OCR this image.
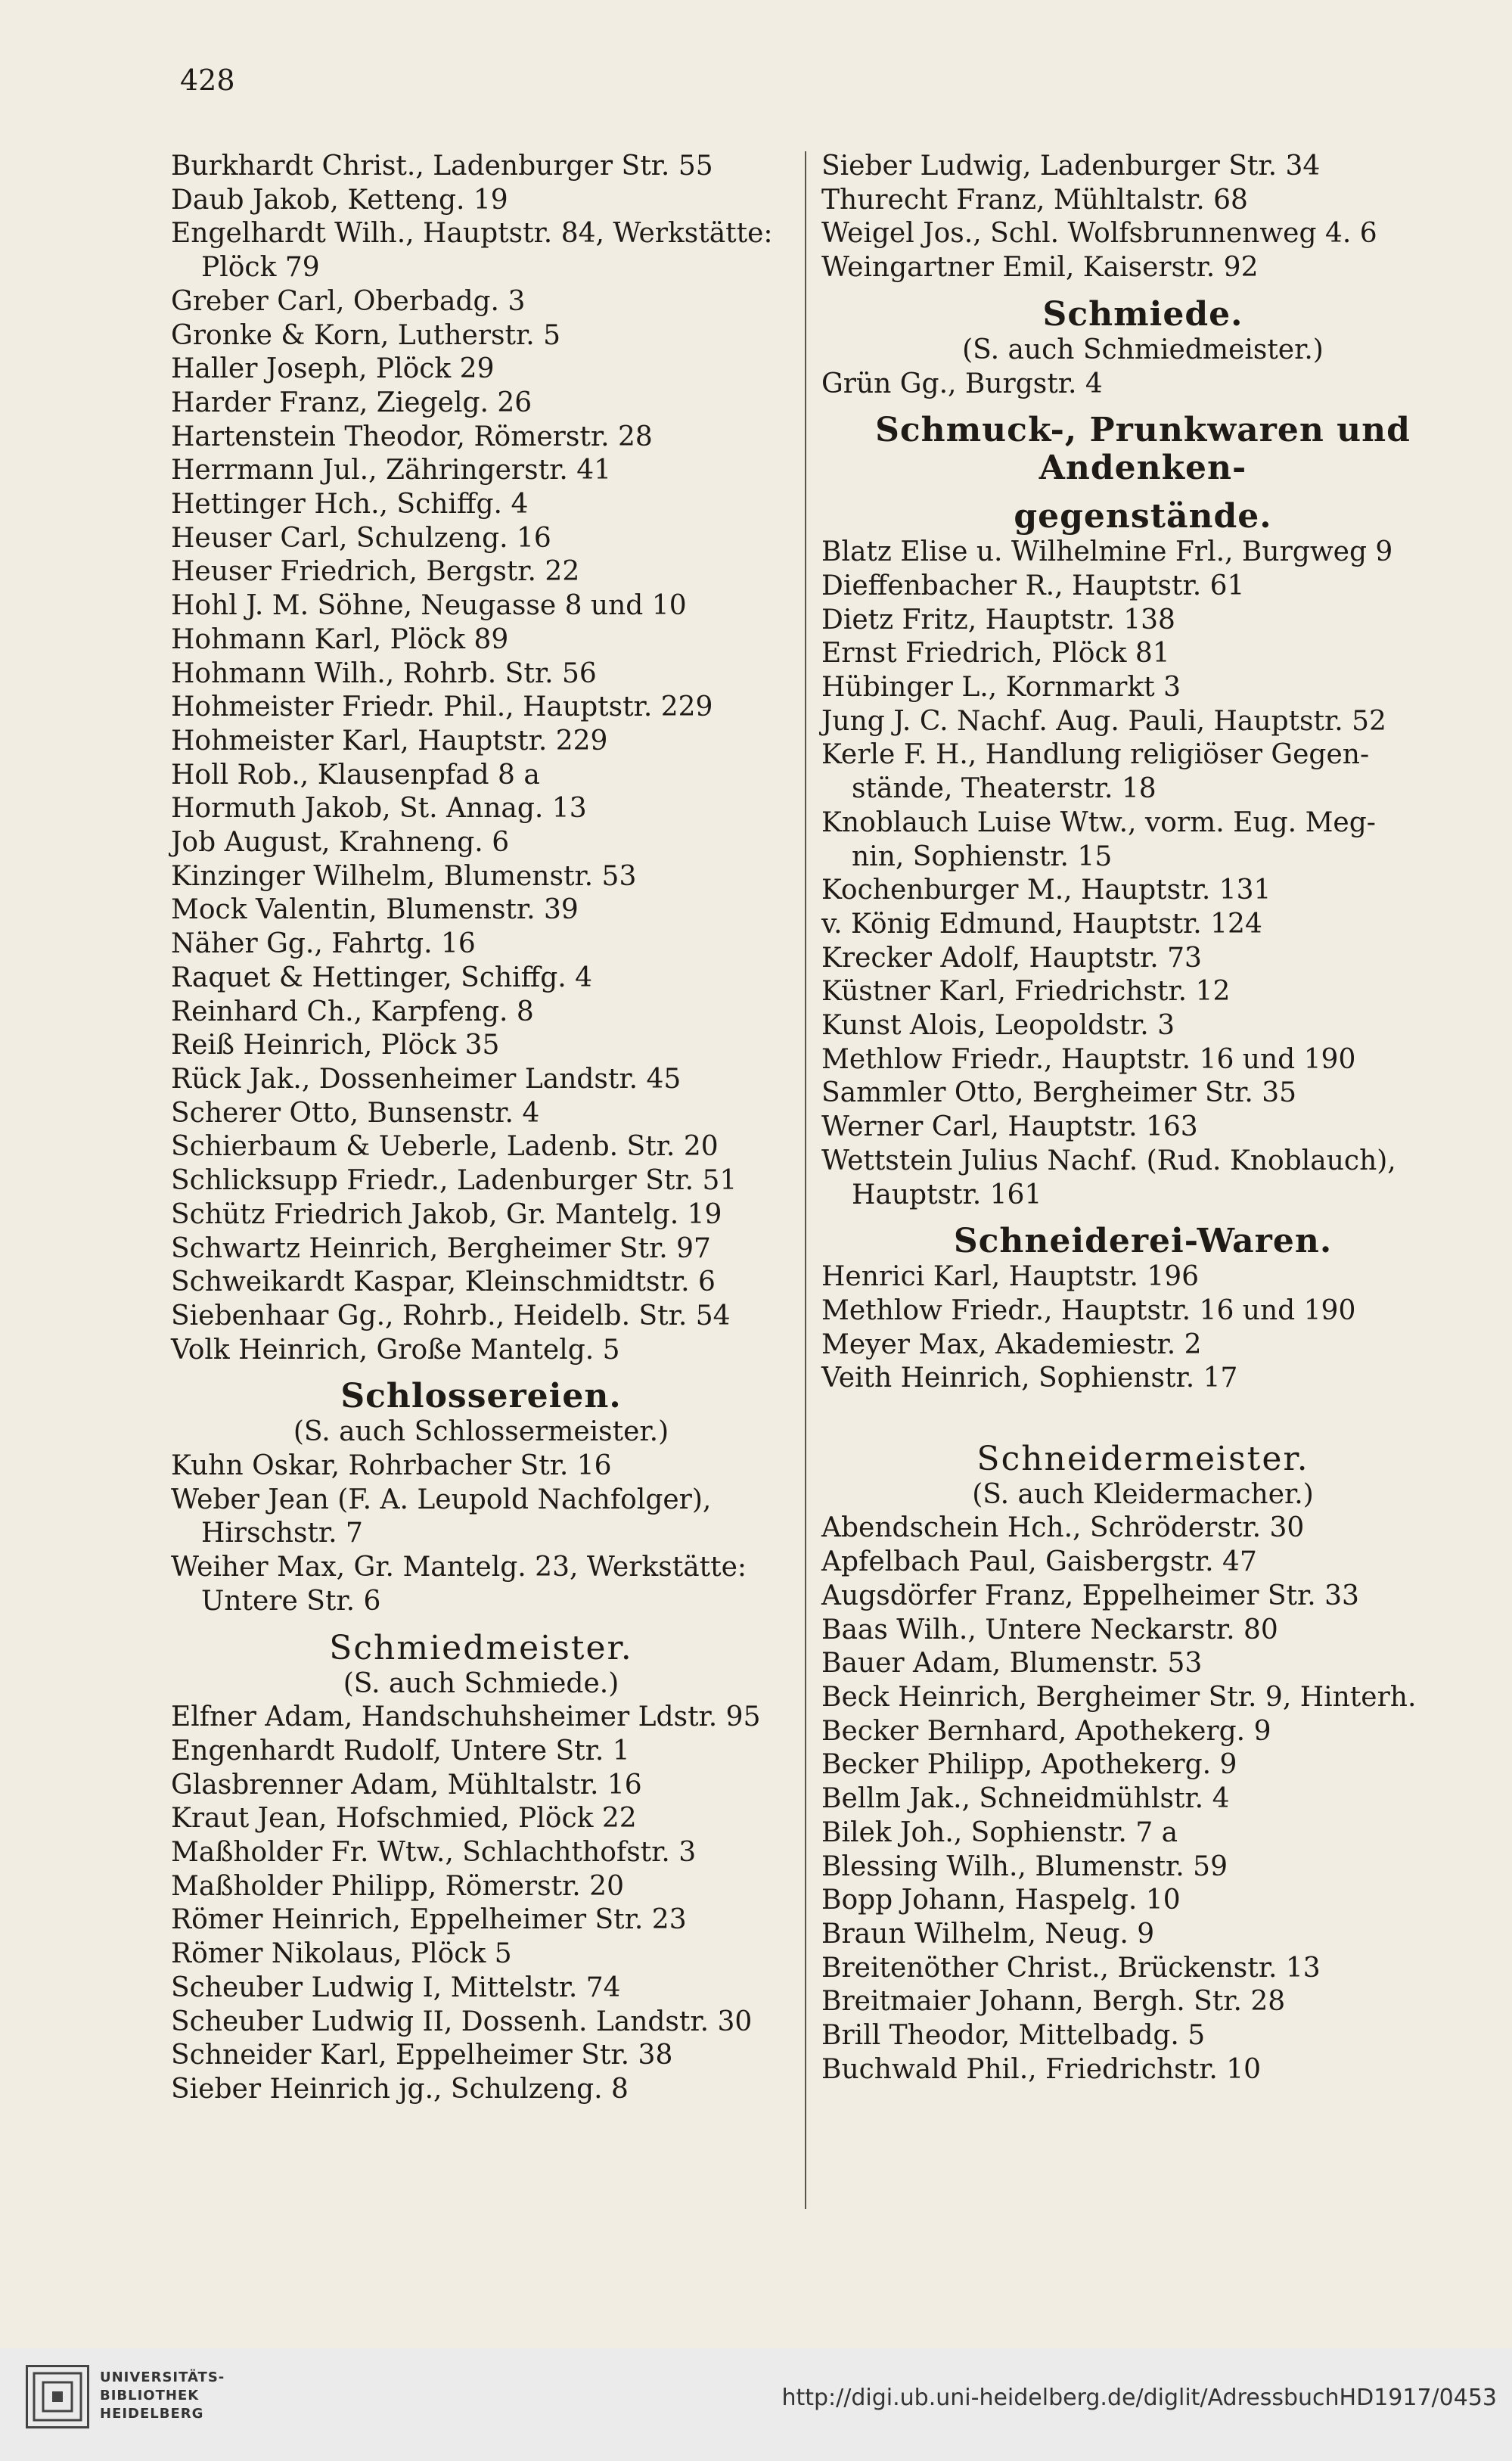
428
Burkhardt Christ., Ladenburger Str. 55
Daub Jakob, Ketteng. 19
Engelhardt Wilh., Hauptstr. 84, Werkstätte:
Plöck 79
Greber Carl, Oberbadg. 3
Gronke & Korn, Lutherstr. 5
Haller Joseph, Plöck 29
Harder Franz, Ziegelg. 26
Hartenstein Theodor, Römerstr. 28
Herrmann Jul., Zähringerstr. 41
Hettinger Hch., Schiffg. 4
Heuser Carl, Schulzeng. 16
Heuser Friedrich, Bergstr. 22
Hohl J. M. Söhne, Neugasse 8 und 10
Hohmann Karl, Plöck 89
Hohmann Wilh., Rohrb. Str. 56
Hohmeister Friedr. Phil., Hauptstr. 229
Hohmeister Karl, Hauptstr. 229
Holl Rob., Klausenpfad 8 a
Hormuth Jakob, St. Annag. 13
Job August, Krahneng. 6
Kinzinger Wilhelm, Blumenstr. 53
Mock Valentin, Blumenstr. 39
Näher Gg., Fahrtg. 16
Raquet & Hettinger, Schiffg. 4
Reinhard Ch., Karpfeng. 8
Reiß Heinrich, Plöck 35
Rück Jak., Dossenheimer Landstr. 45
Scherer Otto, Bunsenstr. 4
Schierbaum & Ueberle, Ladenb. Str. 20
Schlicksupp Friedr., Ladenburger Str. 51
Schütz Friedrich Jakob, Gr. Mantelg. 19
Schwartz Heinrich, Bergheimer Str. 97
Schweikardt Kaspar, Kleinschmidtstr. 6
Siebenhaar Gg., Rohrb., Heidelb. Str. 54
Volk Heinrich, Große Mantelg. 5
Schlossereien.
(S. auch Schlossermeister.)
Kuhn Oskar, Rohrbacher Str. 16
Weber Jean (F. A. Leupold Nachfolger),
Hirschstr. 7
Weiher Max, Gr. Mantelg. 23, Werkstätte:
Untere Str. 6
Schmiedmeister.
(S. auch Schmiede.)
Elfner Adam, Handschuhsheimer Ldstr. 95
Engenhardt Rudolf, Untere Str. 1
Glasbrenner Adam, Mühltalstr. 16
Kraut Jean, Hofschmied, Plöck 22
Maßholder Fr. Wtw., Schlachthofstr. 3
Maßholder Philipp, Römerstr. 20
Römer Heinrich, Eppelheimer Str. 23
Römer Nikolaus, Plöck 5
Scheuber Ludwig I, Mittelstr. 74
Scheuber Ludwig II, Dossenh. Landstr. 30
Schneider Karl, Eppelheimer Str. 38
Sieber Heinrich jg., Schulzeng. 8
Sieber Ludwig, Ladenburger Str. 34
Thurecht Franz, Mühltalstr. 68
Weigel Jos., Schl. Wolfsbrunnenweg 4. 6
Weingartner Emil, Kaiserstr. 92
Schmiede.
(S. auch Schmiedmeister.)
Grün Gg., Burgstr. 4
Schmuck-, Prunkwaren und Andenken-
gegenstände.
Blatz Elise u. Wilhelmine Frl., Burgweg 9
Dieffenbacher R., Hauptstr. 61
Dietz Fritz, Hauptstr. 138
Ernst Friedrich, Plöck 81
Hübinger L., Kornmarkt 3
Jung J. C. Nachf. Aug. Pauli, Hauptstr. 52
Kerle F. H., Handlung religiöser Gegen-
stände, Theaterstr. 18
Knoblauch Luise Wtw., vorm. Eug. Meg-
nin, Sophienstr. 15
Kochenburger M., Hauptstr. 131
v. König Edmund, Hauptstr. 124
Krecker Adolf, Hauptstr. 73
Küstner Karl, Friedrichstr. 12
Kunst Alois, Leopoldstr. 3
Methlow Friedr., Hauptstr. 16 und 190
Sammler Otto, Bergheimer Str. 35
Werner Carl, Hauptstr. 163
Wettstein Julius Nachf. (Rud. Knoblauch),
Hauptstr. 161
Schneiderei-Waren.
Henrici Karl, Hauptstr. 196
Methlow Friedr., Hauptstr. 16 und 190
Meyer Max, Akademiestr. 2
Veith Heinrich, Sophienstr. 17
Schneidermeister.
(S. auch Kleidermacher.)
Abendschein Hch., Schröderstr. 30
Apfelbach Paul, Gaisbergstr. 47
Augsdörfer Franz, Eppelheimer Str. 33
Baas Wilh., Untere Neckarstr. 80
Bauer Adam, Blumenstr. 53
Beck Heinrich, Bergheimer Str. 9, Hinterh.
Becker Bernhard, Apothekerg. 9
Becker Philipp, Apothekerg. 9
Bellm Jak., Schneidmühlstr. 4
Bilek Joh., Sophienstr. 7 a
Blessing Wilh., Blumenstr. 59
Bopp Johann, Haspelg. 10
Braun Wilhelm, Neug. 9
Breitenöther Christ., Brückenstr. 13
Breitmaier Johann, Bergh. Str. 28
Brill Theodor, Mittelbadg. 5
Buchwald Phil., Friedrichstr. 10
UNIVERSITÄTS-
BIBLIOTHEK
HEIDELBERG
http://digi.ub.uni-heidelberg.de/diglit/AdressbuchHD1917/0453
